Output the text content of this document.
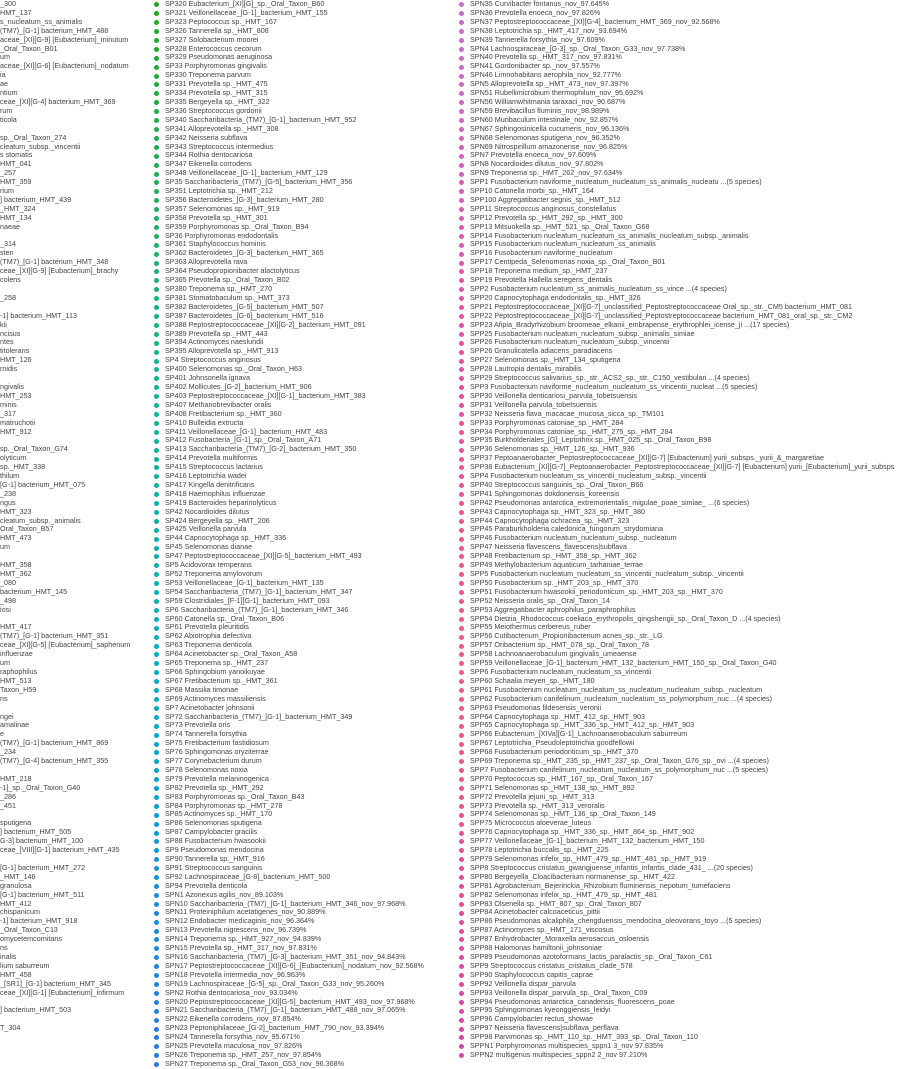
_300
HMT_137
s_nucleatum_ss_animalis
(TM7)_[G-1] bacterium_HMT_488
aceae_[XI][G-9] [Eubacterium]_minutum
_Oral_Taxon_B01
um
aceae_[XI][G-6] [Eubacterium]_nodatum
ia
ae
ntium
ceae_[XI][G-4] bacterium_HMT_369
rum
ticola
sp._Oral_Taxon_274
cleatum_subsp._vincentii
s stomatis
HMT_041
_257
HMT_359
rium
] bacterium_HMT_439
_HMT_324
HMT_134
naeae
_314
sten
(TM7)_[G-1] bacterium_HMT_348
ceae_[XI][G-9] [Eubacterium]_brachy
colens
_258
-1] bacterium_HMT_113
kii
ncisus
ntes
titolerans
HMT_126
rnidis
ngivalis
HMT_253
minis
_317
matruchotii
HMT_912
sp._Oral_Taxon_G74
olyticum
sp._HMT_338
thilum
[G-1] bacterium_HMT_075
_238
ngus
HMT_323
cleatum_subsp._animalis
Oral_Taxon_B57
HMT_473
um
HMT_358
HMT_362
_080
bacterium_HMT_145
_498
iosi
HMT_417
(TM7)_[G-1] bacterium_HMT_351
ceae_[XI][G-5] [Eubacterium]_saphenum
influenzae
um
raphophilus
HMT_513
Taxon_H59
ns
ngei
amalinae
e
(TM7)_[G-1] bacterium_HMT_869
_234
(TM7)_[G-4] bacterium_HMT_355
HMT_218
-1]_sp._Oral_Taxon_G40
_286
_451
sputigena
] bacterium_HMT_505
G-3] bacterium_HMT_100
ceae_[VIII][G-1] bacterium_HMT_435
[G-1] bacterium_HMT_272
_HMT_146
granulosa
[G-1] bacterium_HMT_511
HMT_412
chispanicum
-1] bacterium_HMT_918
_Oral_Taxon_C13
omycetemcomitans
ns
inalis
lium saburreum
HMT_458
_[SR1]_[G-1] bacterium_HMT_345
ceae_[XI][G-1] [Eubacterium]_infirmum
] bacterium_HMT_503
T_304
SP320 Eubacterium_[XI][G]_sp._Oral_Taxon_B60
SP321 Veillonellaceae_[G-1]_bacterium_HMT_155
SP323 Peptococcus sp._HMT_167
SP326 Tannerella sp._HMT_808
SP327 Solobacterium moorei
SP328 Enterococcus cecorum
SP329 Pseudomonas aeruginosa
SP33 Porphyromonas gingivalis
SP330 Treponema parvum
SP331 Prevotella sp._HMT_475
SP334 Prevotella sp._HMT_315
SP335 Bergeyella sp._HMT_322
SP336 Streptococcus gordonii
SP340 Saccharibacteria_(TM7)_[G-1]_bacterium_HMT_952
SP341 Alloprevotella sp._HMT_308
SP342 Neisseria subflava
SP343 Streptococcus intermedius
SP344 Rothia dentocariosa
SP347 Eikenella corrodens
SP348 Veillonellaceae_[G-1]_bacterium_HMT_129
SP35 Saccharibacteria_(TM7)_[G-5]_bacterium_HMT_356
SP351 Leptotrichia sp._HMT_212
SP356 Bacteroidetes_[G-3]_bacterium_HMT_280
SP357 Selenomonas sp._HMT_919
SP358 Prevotella sp._HMT_301
SP359 Porphyromonas sp._Oral_Taxon_B94
SP36 Porphyromonas endodontalis
SP361 Staphylococcus hominis
SP362 Bacteroidetes_[G-3]_bacterium_HMT_365
SP363 Alloprevotella rava
SP364 Pseudopropionibacter alactolyticus
SP365 Prevotella sp._Oral_Taxon_B02
SP380 Treponema sp._HMT_270
SP381 Stomatobaculum sp._HMT_373
SP382 Bacteroidetes_[G-5]_bacterium_HMT_507
SP387 Bacteroidetes_[G-6]_bacterium_HMT_516
SP388 Peptostreptococcaceae_[XI][G-2]_bacterium_HMT_091
SP389 Prevotella sp._HMT_443
SP394 Actinomyces naeslundii
SP395 Alloprevotella sp._HMT_913
SP4 Streptococcus anginosus
SP400 Selenomonas sp._Oral_Taxon_H63
SP401 Johnsonella ignava
SP402 Mollicutes_[G-2]_bacterium_HMT_906
SP403 Peptostreptococcaceae_[XI][G-1]_bacterium_HMT_383
SP407 Methanobrevibacter oralis
SP408 Fretibacterium sp._HMT_360
SP410 Bulleidia extructa
SP411 Veillonellaceae_[G-1]_bacterium_HMT_483
SP412 Fusobacteria_[G-1]_sp._Oral_Taxon_A71
SP413 Saccharibacteria_(TM7)_[G-2]_bacterium_HMT_350
SP414 Prevotella multiformis
SP415 Streptococcus lactarius
SP416 Leptotrichia wadei
SP417 Kingella denitrificans
SP418 Haemophilus influenzae
SP419 Bacteroides heparinolyticus
SP42 Nocardioides dilutus
SP424 Bergeyella sp._HMT_206
SP425 Veillonella parvula
SP44 Capnocytophaga sp._HMT_336
SP45 Selenomonas dianae
SP47 Peptostreptococcaceae_[XI][G-5]_bacterium_HMT_493
SP5 Acidovorax temperans
SP52 Treponema amylovorum
SP53 Veillonellaceae_[G-1]_bacterium_HMT_135
SP54 Saccharibacteria_(TM7)_[G-1]_bacterium_HMT_347
SP59 Clostridiales_[F-1][G-1]_bacterium_HMT_093
SP6 Saccharibacteria_(TM7)_[G-1]_bacterium_HMT_346
SP60 Catonella sp._Oral_Taxon_B06
SP61 Prevotella pleuritidis
SP62 Abiotrophia defectiva
SP63 Treponema denticola
SP64 Acinetobacter sp._Oral_Taxon_A58
SP65 Treponema sp._HMT_237
SP66 Sphingobium yanoikuyae
SP67 Fretibacterium sp._HMT_361
SP68 Massilia timonae
SP69 Actinomyces massiliensis
SP7 Acinetobacter johnsonii
SP72 Saccharibacteria_(TM7)_[G-1]_bacterium_HMT_349
SP73 Prevotella oris
SP74 Tannerella forsythia
SP75 Fretibacterium fastidiosum
SP76 Sphingomonas oryziterrae
SP77 Corynebacterium durum
SP78 Selenomonas noxia
SP79 Prevotella melaninogenica
SP82 Prevotella sp._HMT_292
SP83 Porphyromonas sp._Oral_Taxon_B43
SP84 Porphyromonas sp._HMT_278
SP85 Actinomyces sp._HMT_170
SP86 Selenomonas sputigena
SP87 Campylobacter gracilis
SP88 Fusobacterium hwasookii
SP9 Pseudomonas mendocina
SP90 Tannerella sp._HMT_916
SP91 Streptococcus sanguinis
SP92 Lachnospiraceae_[G-8]_bacterium_HMT_500
SP94 Prevotella denticola
SPN1 Azonexus agilis_nov_89.103%
SPN10 Saccharibacteria_(TM7)_[G-1]_bacterium_HMT_346_nov_97.968%
SPN11 Proteiniphilum acetatigenes_nov_90.889%
SPN12 Endobacter medicaginis_nov_96.364%
SPN13 Prevotella nigrescens_nov_96.739%
SPN14 Treponema sp._HMT_927_nov_94.839%
SPN15 Prevotella sp._HMT_317_nov_97.831%
SPN16 Saccharibacteria_(TM7)_[G-3]_bacterium_HMT_351_nov_94.843%
SPN17 Peptostreptococcaceae_[XI][G-6]_[Eubacterium]_nodatum_nov_92.568%
SPN18 Prevotella intermedia_nov_96.963%
SPN19 Lachnospiraceae_[G-5]_sp._Oral_Taxon_G33_nov_95.260%
SPN2 Rothia dentocariosa_nov_93.034%
SPN20 Peptostreptococcaceae_[XI][G-5]_bacterium_HMT_493_nov_97.968%
SPN21 Saccharibacteria_(TM7)_[G-1]_bacterium_HMT_488_nov_97.065%
SPN22 Eikenella corrodens_nov_97.854%
SPN23 Peptoniphilaceae_[G-2]_bacterium_HMT_790_nov_93.394%
SPN24 Tannerella forsythia_nov_95.671%
SPN25 Prevotella maculosa_nov_97.826%
SPN26 Treponema sp._HMT_257_nov_97.854%
SPN27 Treponema sp._Oral_Taxon_G53_nov_96.368%
SPN35 Curvibacter fontanus_nov_97.645%
SPN36 Prevotella enoeca_nov_97.826%
SPN37 Peptostreptococcaceae_[XI][G-4]_bacterium_HMT_369_nov_92.568%
SPN38 Leptotrichia sp._HMT_417_nov_93.694%
SPN39 Tannerella forsythia_nov_97.609%
SPN4 Lachnospiraceae_[G-3]_sp._Oral_Taxon_G33_nov_97.738%
SPN40 Prevotella sp._HMT_317_nov_97.831%
SPN41 Gordonibacter sp._nov_97.557%
SPN46 Limnohabitans aerophila_nov_92.777%
SPN5 Alloprevotella sp._HMT_473_nov_97.397%
SPN51 Rubellimicrobium thermophilum_nov_95.692%
SPN56 Williamwhitmania taraxaci_nov_90.687%
SPN59 Brevibacillus fluminis_nov_98.989%
SPN60 Muribaculum intestinale_nov_92.857%
SPN67 Sphingosinicella cucumeris_nov_96.136%
SPN68 Selenomonas sputigena_nov_96.352%
SPN69 Nitrospirillum amazonense_nov_96.825%
SPN7 Prevotella enoeca_nov_97.609%
SPN8 Nocardioides dilutus_nov_97.802%
SPN9 Treponema sp._HMT_262_nov_97.634%
SPP1 Fusobacterium naviforme_nucleatum_nucleatum_ss_animalis_nucleatu ...(5 species)
SPP10 Catonella morbi_sp._HMT_164
SPP100 Aggregatibacter segnis_sp._HMT_512
SPP11 Streptococcus anginosus_constellatus
SPP12 Prevotella sp._HMT_292_sp._HMT_300
SPP13 Mitsuokella sp._HMT_521_sp._Oral_Taxon_G68
SPP14 Fusobacterium nucleatum_nucleatum_ss_animalis_nucleatum_subsp._animalis
SPP15 Fusobacterium nucleatum_nucleatum_ss_animalis
SPP16 Fusobacterium naviforme_nucleatum
SPP17 Centipeda_Selenomonas noxia_sp._Oral_Taxon_B01
SPP18 Treponema medium_sp._HMT_237
SPP19 Prevotella Hallella seregens_dentalis
SPP2 Fusobacterium nucleatum_ss_animalis_nucleatum_ss_vince ...(4 species)
SPP20 Capnocytophaga endodontalis_sp._HMT_326
SPP21 Peptostreptococcaceae_[XI][G-7]_unclassified_Peptostreptococcaceae Oral_sp._str._CM5 bacterium_HMT_081
SPP22 Peptostreptococcaceae_[XI][G-7]_unclassified_Peptostreptococcaceae bacterium_HMT_081_oral_sp._str._CM2
SPP23 Afipia_Bradyrhizobium broomeae_elkanii_embrapense_erythrophlei_icense_ji ...(17 species)
SPP25 Fusobacterium nucleatum_nucleatum_subsp._animalis_simiae
SPP26 Fusobacterium nucleatum_nucleatum_subsp._vincentii
SPP26 Granulicatella adiacens_paradiacens
SPP27 Selenomonas sp._HMT_134_sputigena
SPP28 Lautropia dentalis_mirabilis
SPP29 Streptococcus salivarius_sp._str._ACS2_sp._str._C150_vestibulari ...(4 species)
SPP3 Fusobacterium naviforme_nucleatum_nucleatum_ss_vincentii_nucleat ...(5 species)
SPP30 Veillonella denticariosi_parvula_tobetsuensis
SPP31 Veillonella parvula_tobetsuensis
SPP32 Neisseria flava_macacae_mucosa_sicca_sp._TM101
SPP33 Porphyromonas catoniae_sp._HMT_284
SPP34 Porphyromonas catoniae_sp._HMT_275_sp._HMT_284
SPP35 Burkholderiales_[G]_Leptothrix sp._HMT_025_sp._Oral_Taxon_B98
SPP36 Selenomonas sp._HMT_126_sp._HMT_936
SPP37 Peptoanaerobacter_Peptostreptococcaceae_[XI][G-7] [Eubacterium] yurii_subsps._yurii_&_margaretiae
SPP38 Eubacterium_[XI][G-7]_Peptoanaerobacter_Peptostreptococcaceae_[XI][G-7] [Eubacterium] yurii_[Eubacterium]_yurii_subsps
SPP4 Fusobacterium nucleatum_ss_vincentii_nucleatum_subsp._vincentii
SPP40 Streptococcus sanguinis_sp._Oral_Taxon_B66
SPP41 Sphingomonas dokdonensis_koreensis
SPP42 Pseudomonas antarctica_extremorientalis_migulae_poae_simiae_ ...(6 species)
SPP43 Capnocytophaga sp._HMT_323_sp._HMT_380
SPP44 Capnocytophaga ochracea_sp._HMT_323
SPP45 Paraburkholderia caledonica_fungorum_strydomiana
SPP46 Fusobacterium nucleatum_nucleatum_subsp._nucleatum
SPP47 Neisseria flavescens_flavescens|subflava
SPP48 Fretibacterium sp._HMT_358_sp._HMT_362
SPP49 Methylobacterium aquaticum_tarhaniae_terrae
SPP5 Fusobacterium nucleatum_nucleatum_ss_vincentii_nucleatum_subsp._vincentii
SPP50 Fusobacterium sp._HMT_203_sp._HMT_370
SPP51 Fusobacterium hwasookii_periodonticum_sp._HMT_203_sp._HMT_370
SPP52 Neisseria oralis_sp._Oral_Taxon_14
SPP53 Aggregatibacter aphrophilus_paraphrophilus
SPP54 Dietzia_Rhodococcus coeliaca_erythropolis_qingshengii_sp._Oral_Taxon_D ...(4 species)
SPP55 Meiothermus cerbereus_ruber
SPP56 Cutibacterium_Propionibacterium acnes_sp._str._LG
SPP57 Oribacterium sp._HMT_078_sp._Oral_Taxon_78
SPP58 Lachnoanaerobaculum gingivalis_umeaense
SPP59 Veillonellaceae_[G-1]_bacterium_HMT_132_bacterium_HMT_150_sp._Oral_Taxon_G40
SPP6 Fusobacterium nucleatum_nucleatum_ss_vincentii
SPP60 Schaalia meyeri_sp._HMT_180
SPP61 Fusobacterium nucleatum_nucleatum_ss_nucleatum_nucleatum_subsp._nucleatum
SPP62 Fusobacterium canifelinum_nucleatum_nucleatum_ss_polymorphum_nuc ...(4 species)
SPP63 Pseudomonas fildesensis_veronii
SPP64 Capnocytophaga sp._HMT_412_sp._HMT_903
SPP65 Capnocytophaga sp._HMT_336_sp._HMT_412_sp._HMT_903
SPP66 Eubacterium_[XIVa][G-1]_Lachnoanaerobaculum saburreum
SPP67 Leptotrichia_Pseudoleptotrichia goodfellowii
SPP68 Fusobacterium periodonticum_sp._HMT_370
SPP69 Treponema sp._HMT_235_sp._HMT_237_sp._Oral_Taxon_G76_sp._ovi ...(4 species)
SPP7 Fusobacterium canifelinum_nucleatum_nucleatum_ss_polymorphum_nuc ...(5 species)
SPP70 Peptococcus sp._HMT_167_sp._Oral_Taxon_167
SPP71 Selenomonas sp._HMT_138_sp._HMT_892
SPP72 Prevotella jejuni_sp._HMT_313
SPP73 Prevotella sp._HMT_313_veroralis
SPP74 Selenomonas sp._HMT_136_sp._Oral_Taxon_149
SPP75 Micrococcus aloeverae_luteus
SPP76 Capnocytophaga sp._HMT_336_sp._HMT_864_sp._HMT_902
SPP77 Veillonellaceae_[G-1]_bacterium_HMT_132_bacterium_HMT_150
SPP78 Leptotrichia buccalis_sp._HMT_225
SPP79 Selenomonas infelix_sp._HMT_479_sp._HMT_481_sp._HMT_919
SPP8 Streptococcus cristatus_gwangjuense_infantis_infantis_clade_431_ ...(20 species)
SPP80 Bergeyella_Cloacibacterium normanense_sp._HMT_422
SPP81 Agrobacterium_Bejerinckia_Rhizobium fluminensis_nepotum_tumefaciens
SPP82 Selenomonas infelix_sp._HMT_479_sp._HMT_481
SPP83 Olsenella sp._HMT_807_sp._Oral_Taxon_807
SPP84 Acinetobacter calcoaceticus_pittii
SPP86 Pseudomonas alcaliphila_chengduensis_mendocina_oleovorans_toyo ...(5 species)
SPP87 Actinomyces sp._HMT_171_viscosus
SPP87 Enhydrobacter_Moraxella aerosaccus_osloensis
SPP88 Halomonas hamiltonii_johnsoniae
SPP89 Pseudomonas azotoformans_lactis_paralactis_sp._Oral_Taxon_C61
SPP9 Streptococcus cristatus_cristatus_clade_578
SPP90 Staphylococcus capitis_caprae
SPP92 Veillonella dispar_parvula
SPP93 Veillonella dispar_parvula_sp._Oral_Taxon_C09
SPP94 Pseudomonas antarctica_canadensis_fluorescens_poae
SPP95 Sphingomonas kyeonggiensis_leidyi
SPP96 Campylobacter rectus_showae
SPP97 Neisseria flavescens|subflava_perflava
SPP98 Parvimonas sp._HMT_110_sp._HMT_393_sp._Oral_Taxon_110
SPPN1 Porphyromonas multispecies_sppn1 3_nov 97.835%
SPPN2 multigenus multispecies_sppn2 2_nov 97.210%
